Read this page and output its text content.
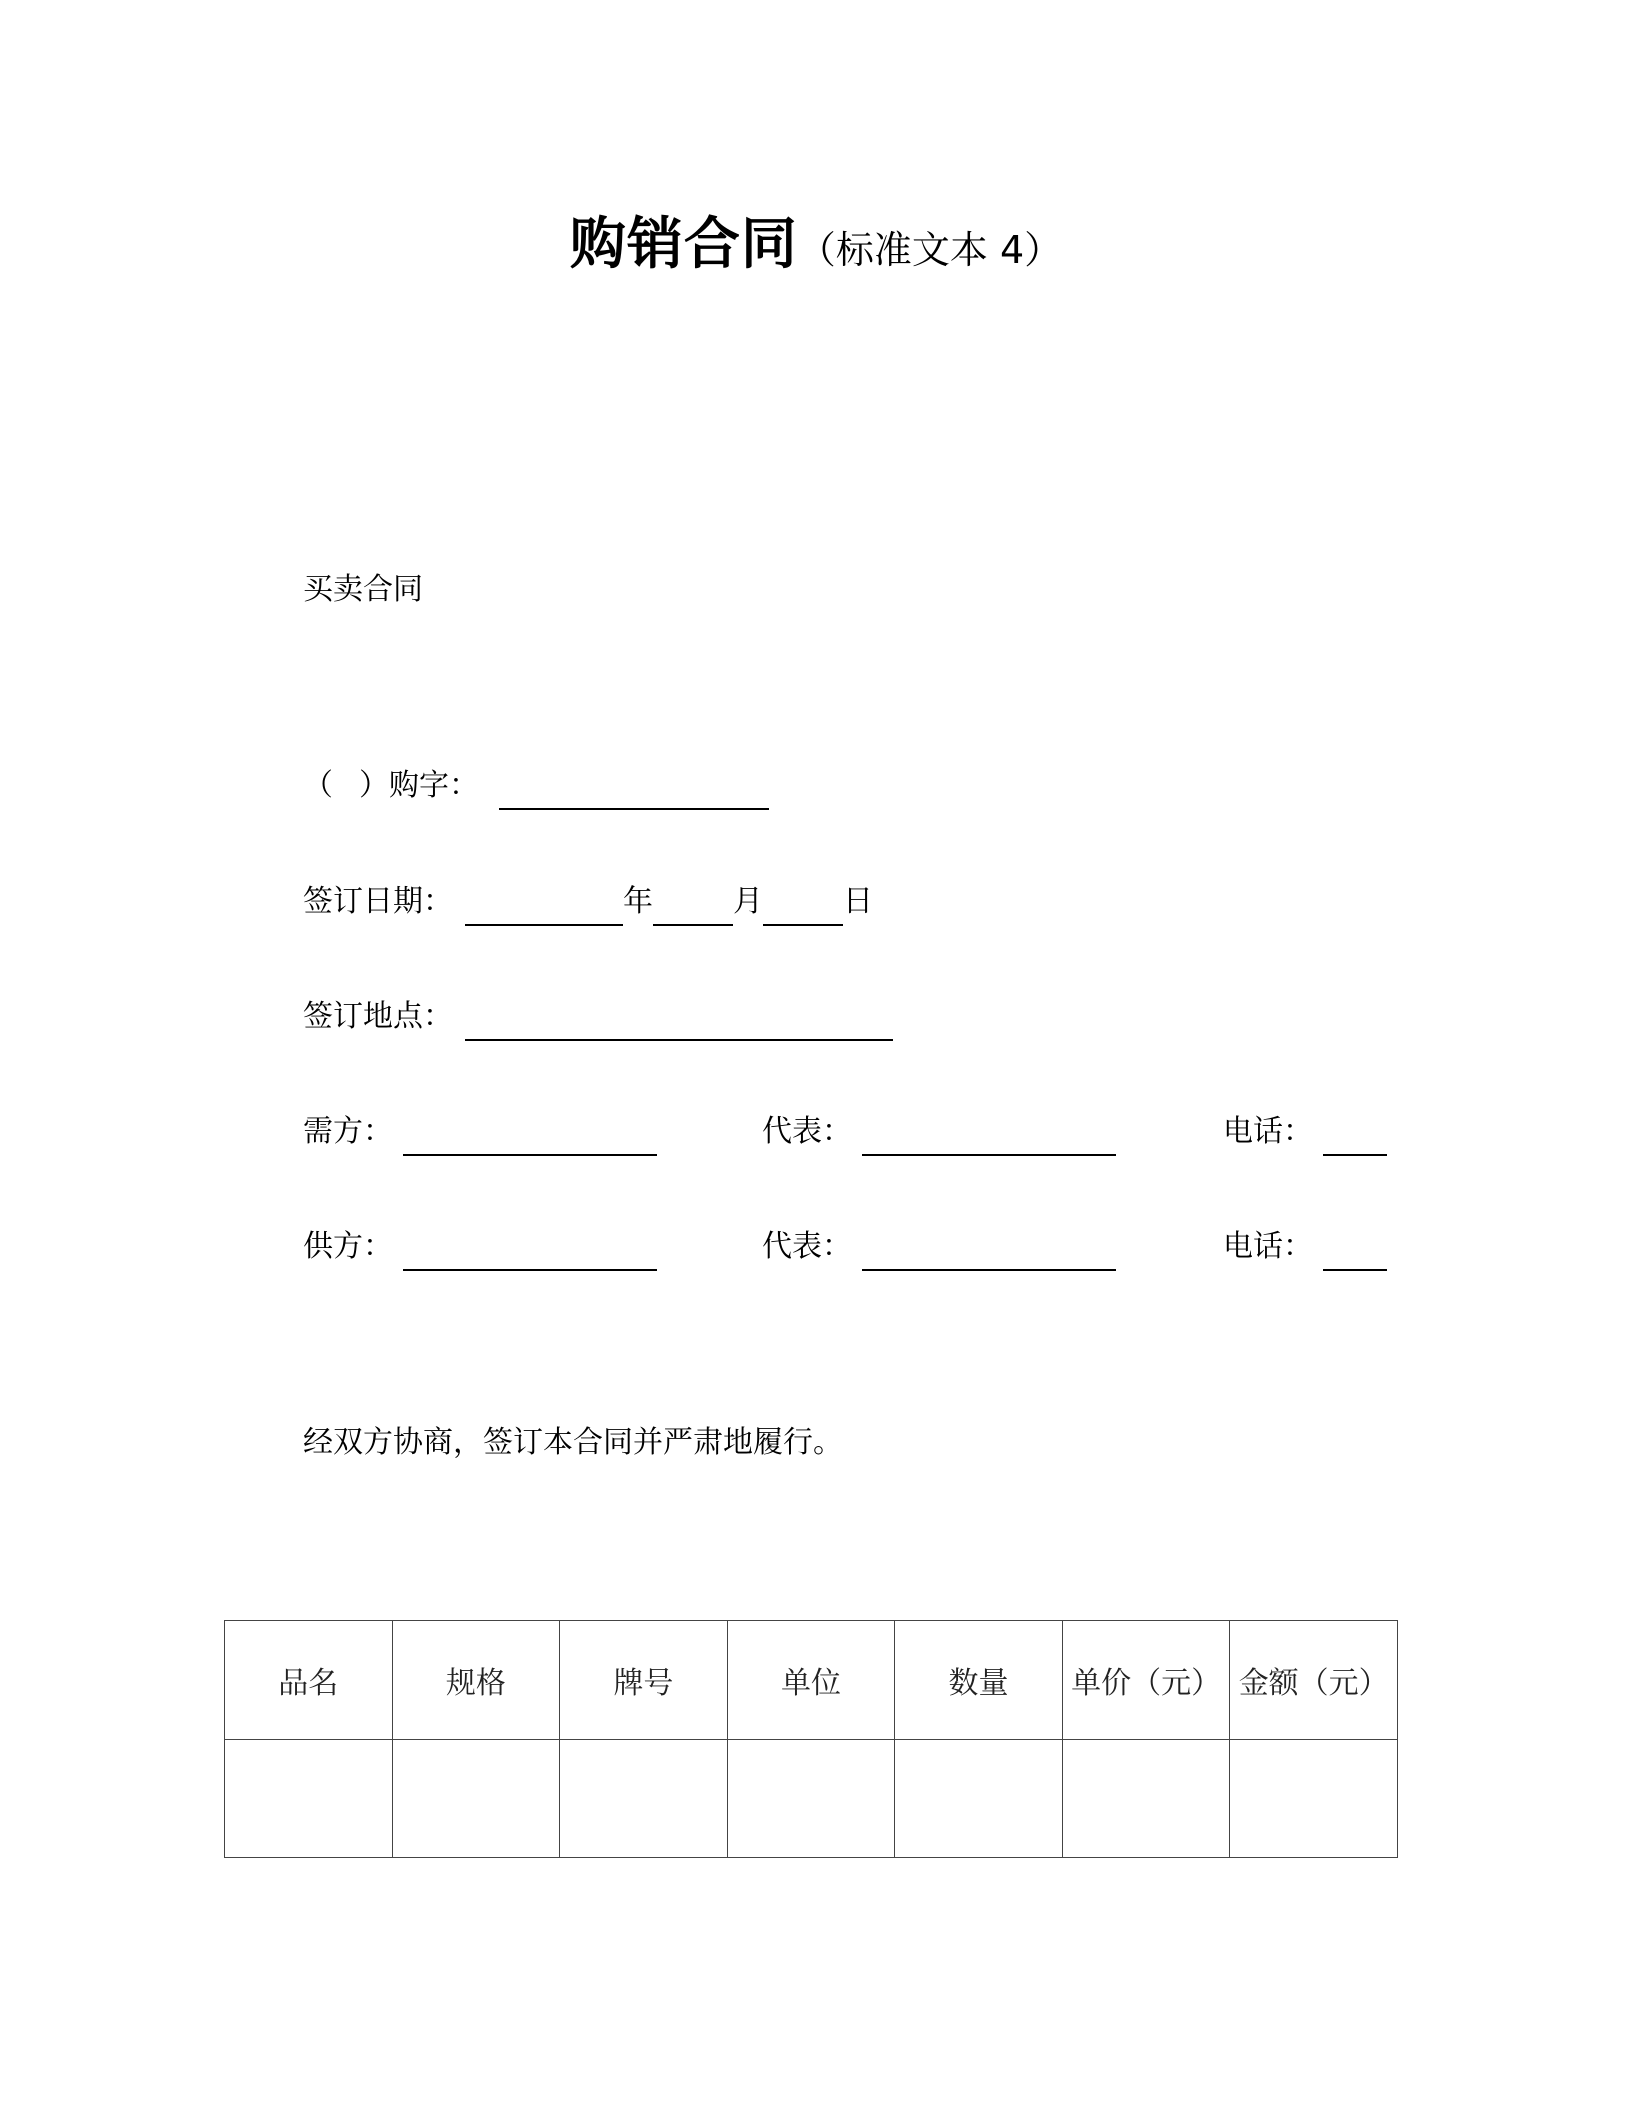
购销合同（标准文本 4）
买卖合同
（ ）购字：
签订日期：	年	月	日
签订地点：
需方：	代表：	电话：
供方：	代表：	电话：
经双方协商，签订本合同并严肃地履行。
品名	规格	牌号	单位	数量	单价（元）	金额（元）
